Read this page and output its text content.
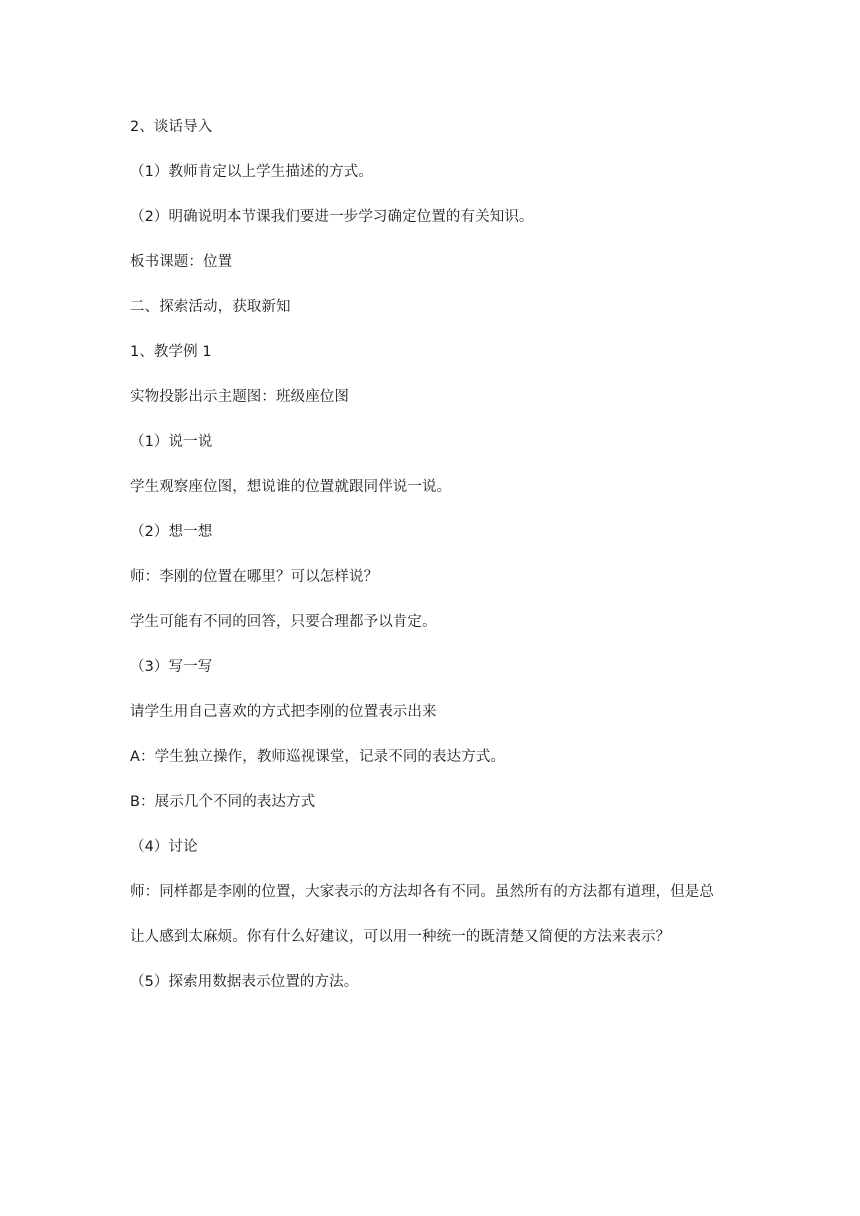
2、谈话导入

（1）教师肯定以上学生描述的方式。

（2）明确说明本节课我们要进一步学习确定位置的有关知识。

板书课题：位置

二、探索活动，获取新知

1、教学例 1

实物投影出示主题图：班级座位图

（1）说一说

学生观察座位图，想说谁的位置就跟同伴说一说。

（2）想一想

师：李刚的位置在哪里？可以怎样说？

学生可能有不同的回答，只要合理都予以肯定。

（3）写一写

请学生用自己喜欢的方式把李刚的位置表示出来

A：学生独立操作，教师巡视课堂，记录不同的表达方式。

B：展示几个不同的表达方式

（4）讨论

师：同样都是李刚的位置，大家表示的方法却各有不同。虽然所有的方法都有道理，但是总

让人感到太麻烦。你有什么好建议，可以用一种统一的既清楚又简便的方法来表示？

（5）探索用数据表示位置的方法。
